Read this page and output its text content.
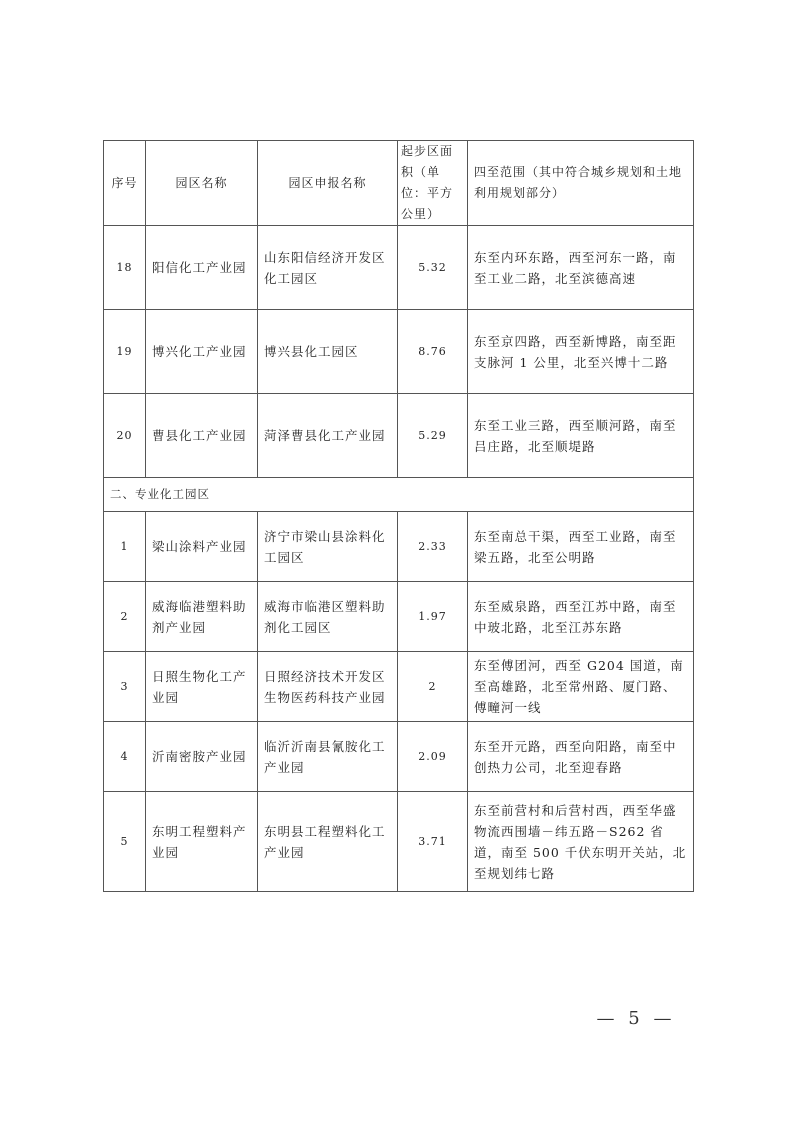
序号	园区名称	园区申报名称	起步区面积（单位：平方公里）	四至范围（其中符合城乡规划和土地利用规划部分）
18	阳信化工产业园	山东阳信经济开发区化工园区	5.32	东至内环东路，西至河东一路，南至工业二路，北至滨德高速
19	博兴化工产业园	博兴县化工园区	8.76	东至京四路，西至新博路，南至距支脉河 1 公里，北至兴博十二路
20	曹县化工产业园	菏泽曹县化工产业园	5.29	东至工业三路，西至顺河路，南至吕庄路，北至顺堤路
二、专业化工园区				
1	梁山涂料产业园	济宁市梁山县涂料化工园区	2.33	东至南总干渠，西至工业路，南至梁五路，北至公明路
2	威海临港塑料助剂产业园	威海市临港区塑料助剂化工园区	1.97	东至威泉路，西至江苏中路，南至中玻北路，北至江苏东路
3	日照生物化工产业园	日照经济技术开发区生物医药科技产业园	2	东至傅团河，西至 G204 国道，南至高雄路，北至常州路、厦门路、傅疃河一线
4	沂南密胺产业园	临沂沂南县氰胺化工产业园	2.09	东至开元路，西至向阳路，南至中创热力公司，北至迎春路
5	东明工程塑料产业园	东明县工程塑料化工产业园	3.71	东至前营村和后营村西，西至华盛物流西围墙－纬五路－S262 省道，南至 500 千伏东明开关站，北至规划纬七路
— 5 —
